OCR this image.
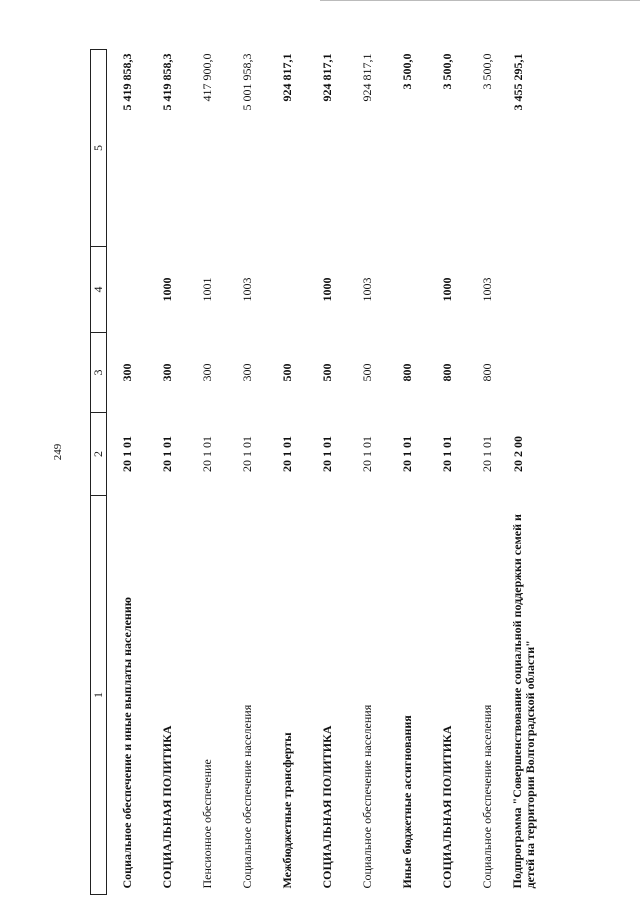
249
1	2	3	4	5
Социальное обеспечение и иные выплаты населению	20 1 01	300		5 419 858,3
СОЦИАЛЬНАЯ ПОЛИТИКА	20 1 01	300	1000	5 419 858,3
Пенсионное обеспечение	20 1 01	300	1001	417 900,0
Социальное обеспечение населения	20 1 01	300	1003	5 001 958,3
Межбюджетные трансферты	20 1 01	500		924 817,1
СОЦИАЛЬНАЯ ПОЛИТИКА	20 1 01	500	1000	924 817,1
Социальное обеспечение населения	20 1 01	500	1003	924 817,1
Иные бюджетные ассигнования	20 1 01	800		3 500,0
СОЦИАЛЬНАЯ ПОЛИТИКА	20 1 01	800	1000	3 500,0
Социальное обеспечение населения	20 1 01	800	1003	3 500,0
Подпрограмма "Совершенствование социальной поддержки семей и детей на территории Волгоградской области"	20 2 00			3 455 295,1
